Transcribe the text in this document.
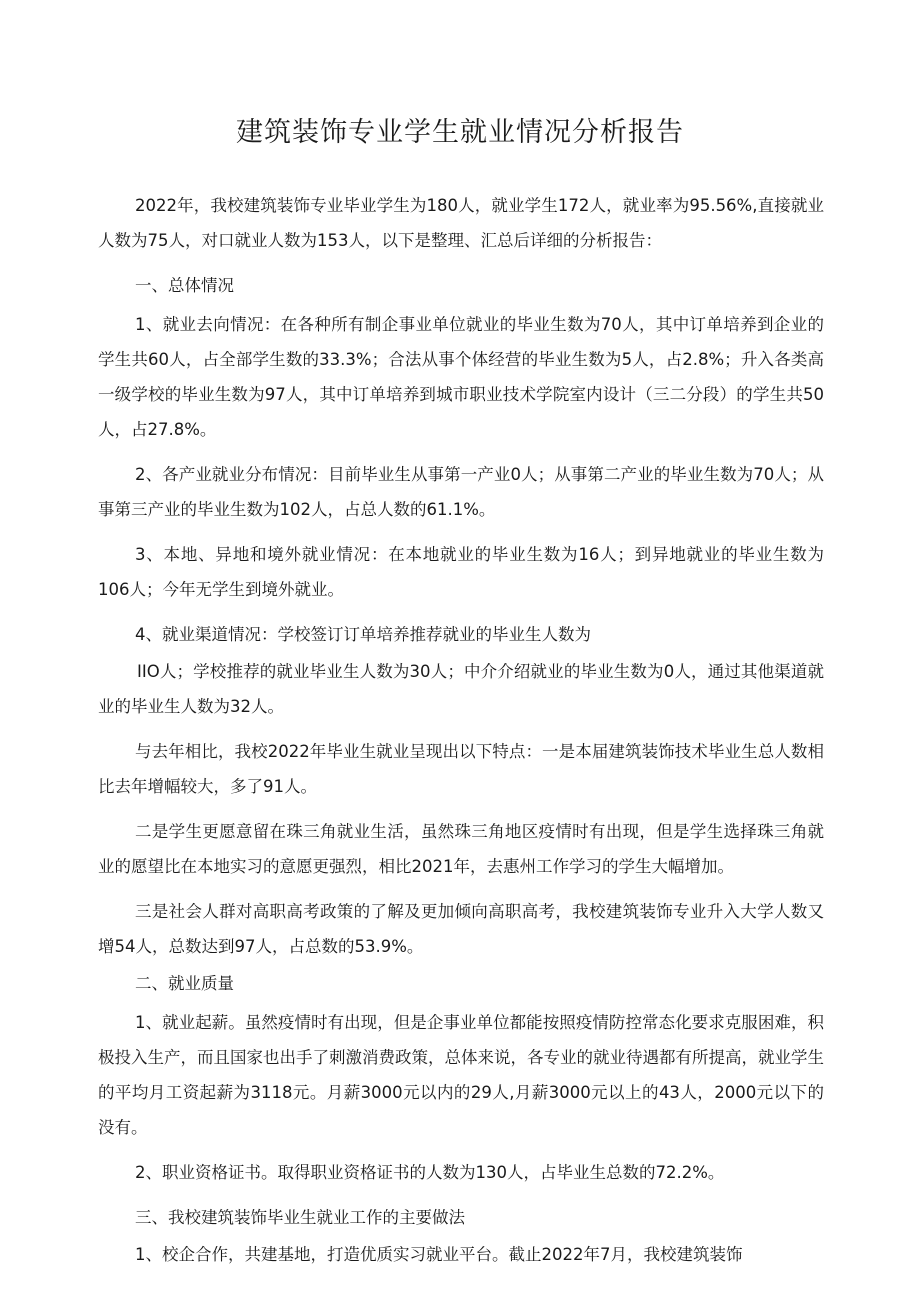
建筑装饰专业学生就业情况分析报告

2022年，我校建筑装饰专业毕业学生为180人，就业学生172人，就业率为95.56%,直接就业人数为75人，对口就业人数为153人，以下是整理、汇总后详细的分析报告：

一、总体情况

1、就业去向情况：在各种所有制企事业单位就业的毕业生数为70人，其中订单培养到企业的学生共60人，占全部学生数的33.3%；合法从事个体经营的毕业生数为5人，占2.8%；升入各类高一级学校的毕业生数为97人，其中订单培养到城市职业技术学院室内设计（三二分段）的学生共50人，占27.8%。

2、各产业就业分布情况：目前毕业生从事第一产业0人；从事第二产业的毕业生数为70人；从事第三产业的毕业生数为102人，占总人数的61.1%。

3、本地、异地和境外就业情况：在本地就业的毕业生数为16人；到异地就业的毕业生数为106人；今年无学生到境外就业。

4、就业渠道情况：学校签订订单培养推荐就业的毕业生人数为

IIO人；学校推荐的就业毕业生人数为30人；中介介绍就业的毕业生数为0人，通过其他渠道就业的毕业生人数为32人。

与去年相比，我校2022年毕业生就业呈现出以下特点：一是本届建筑装饰技术毕业生总人数相比去年增幅较大，多了91人。

二是学生更愿意留在珠三角就业生活，虽然珠三角地区疫情时有出现，但是学生选择珠三角就业的愿望比在本地实习的意愿更强烈，相比2021年，去惠州工作学习的学生大幅增加。

三是社会人群对高职高考政策的了解及更加倾向高职高考，我校建筑装饰专业升入大学人数又增54人，总数达到97人，占总数的53.9%。

二、就业质量

1、就业起薪。虽然疫情时有出现，但是企事业单位都能按照疫情防控常态化要求克服困难，积极投入生产，而且国家也出手了刺激消费政策，总体来说，各专业的就业待遇都有所提高，就业学生的平均月工资起薪为3118元。月薪3000元以内的29人,月薪3000元以上的43人，2000元以下的没有。

2、职业资格证书。取得职业资格证书的人数为130人，占毕业生总数的72.2%。

三、我校建筑装饰毕业生就业工作的主要做法

1、校企合作，共建基地，打造优质实习就业平台。截止2022年7月，我校建筑装饰
